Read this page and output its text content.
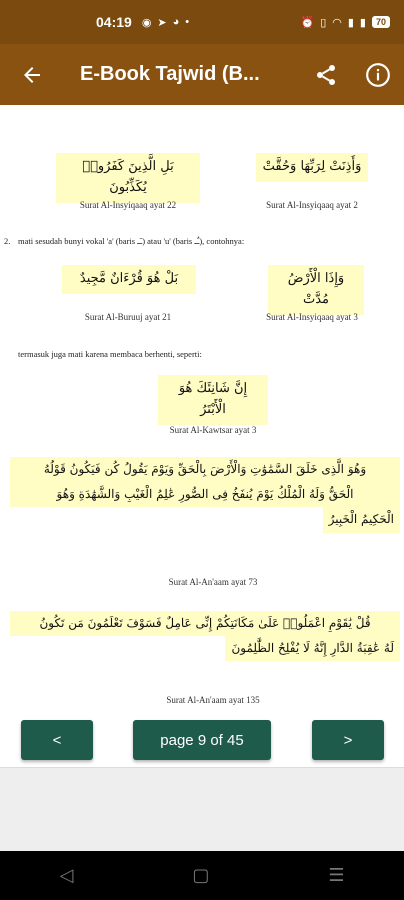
04:19 ◉ ➤ ◕ •	⏰ ▯ ◠ ▮ ▮	70
E-Book Tajwid (B...
بَلِ الَّذِينَ كَفَرُوا۟ يُكَذِّبُونَ
Surat Al-Insyiqaaq ayat 22
وَأَذِنَتْ لِرَبِّهَا وَحُقَّتْ
Surat Al-Insyiqaaq ayat 2
2. mati sesudah bunyi vokal 'a' (baris ـَـ) atau 'u' (baris ـُـ), contohnya:
بَلْ هُوَ قُرْءَانٌ مَّجِيدٌ
Surat Al-Buruuj ayat 21
وَإِذَا الْأَرْضُ مُدَّتْ
Surat Al-Insyiqaaq ayat 3
termasuk juga mati karena membaca berhenti, seperti:
إِنَّ شَانِئَكَ هُوَ الْأَبْتَرُ
Surat Al-Kawtsar ayat 3
وَهُوَ الَّذِى خَلَقَ السَّمَٰوَٰتِ وَالْأَرْضَ بِالْحَقِّ وَيَوْمَ يَقُولُ كُن فَيَكُونُ قَوْلُهُ
الْحَقُّ وَلَهُ الْمُلْكُ يَوْمَ يُنفَخُ فِى الصُّورِ عَٰلِمُ الْغَيْبِ وَالشَّهَٰدَةِ وَهُوَ
الْحَكِيمُ الْخَبِيرُ
Surat Al-An'aam ayat 73
قُلْ يَٰقَوْمِ اعْمَلُوا۟ عَلَىٰ مَكَانَتِكُمْ إِنِّى عَامِلٌ فَسَوْفَ تَعْلَمُونَ مَن تَكُونُ
لَهُ عَٰقِبَةُ الدَّارِ إِنَّهُ لَا يُفْلِحُ الظَّٰلِمُونَ
Surat Al-An'aam ayat 135
<	page 9 of 45	>
◁	▢	☰
